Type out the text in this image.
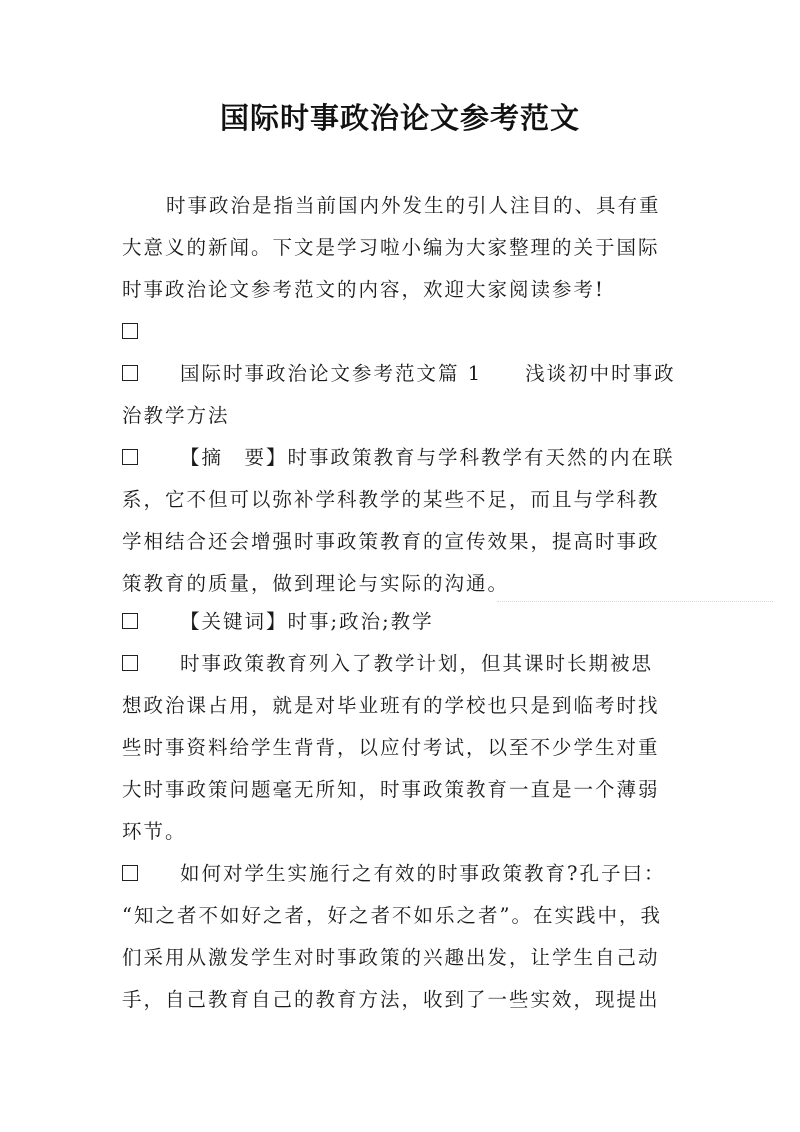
国际时事政治论文参考范文
时事政治是指当前国内外发生的引人注目的、具有重
大意义的新闻。下文是学习啦小编为大家整理的关于国际
时事政治论文参考范文的内容，欢迎大家阅读参考!
国际时事政治论文参考范文篇 1　　浅谈初中时事政
治教学方法
【摘　要】时事政策教育与学科教学有天然的内在联
系，它不但可以弥补学科教学的某些不足，而且与学科教
学相结合还会增强时事政策教育的宣传效果，提高时事政
策教育的质量，做到理论与实际的沟通。
【关键词】时事;政治;教学
时事政策教育列入了教学计划，但其课时长期被思
想政治课占用，就是对毕业班有的学校也只是到临考时找
些时事资料给学生背背，以应付考试，以至不少学生对重
大时事政策问题毫无所知，时事政策教育一直是一个薄弱
环节。
如何对学生实施行之有效的时事政策教育?孔子曰：
“知之者不如好之者，好之者不如乐之者”。在实践中，我
们采用从激发学生对时事政策的兴趣出发，让学生自己动
手，自己教育自己的教育方法，收到了一些实效，现提出
